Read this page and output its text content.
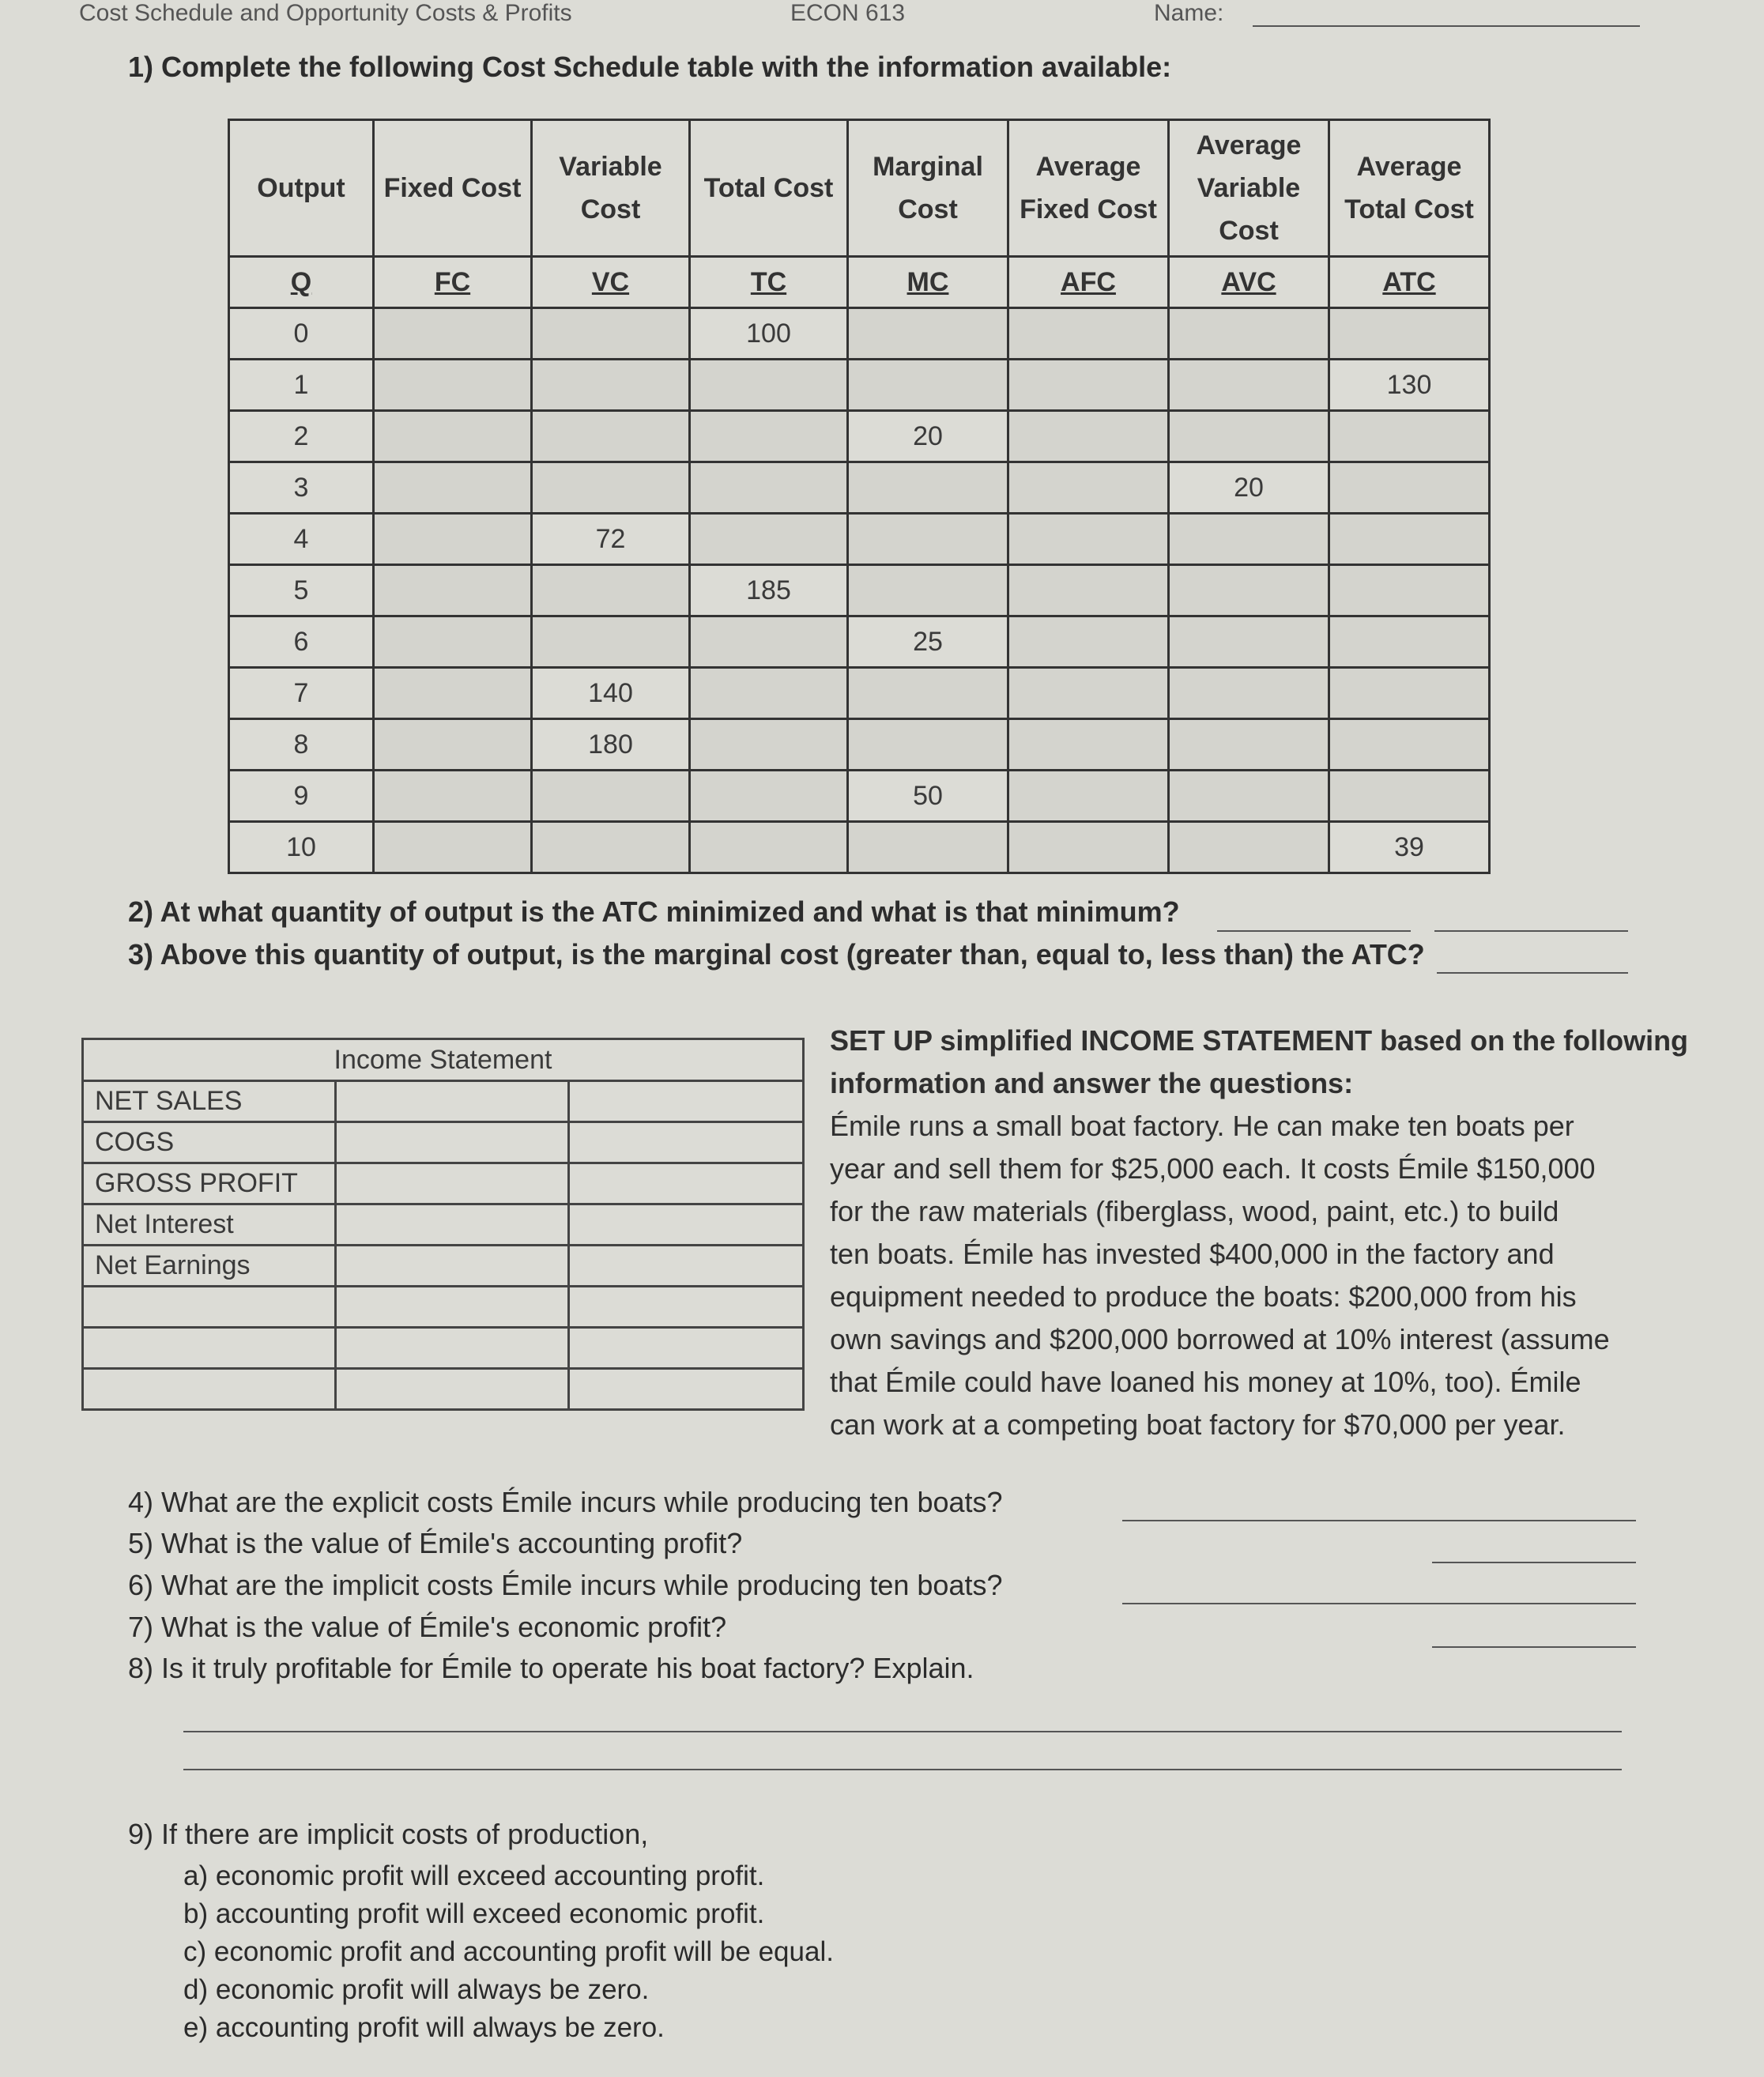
Cost Schedule and Opportunity Costs & Profits	ECON 613	Name:
1) Complete the following Cost Schedule table with the information available:
Output	Fixed Cost	Variable Cost	Total Cost	Marginal Cost	Average Fixed Cost	Average Variable Cost	Average Total Cost
Q	FC	VC	TC	MC	AFC	AVC	ATC
0			100				
1							130
2				20			
3						20	
4		72					
5			185				
6				25			
7		140					
8		180					
9				50			
10							39
2) At what quantity of output is the ATC minimized and what is that minimum?
3) Above this quantity of output, is the marginal cost (greater than, equal to, less than) the ATC?
Income Statement		
NET SALES		
COGS		
GROSS PROFIT		
Net Interest		
Net Earnings		

SET UP simplified INCOME STATEMENT based on the following information and answer the questions:
Émile runs a small boat factory. He can make ten boats per
year and sell them for $25,000 each. It costs Émile $150,000
for the raw materials (fiberglass, wood, paint, etc.) to build
ten boats. Émile has invested $400,000 in the factory and
equipment needed to produce the boats: $200,000 from his
own savings and $200,000 borrowed at 10% interest (assume
that Émile could have loaned his money at 10%, too). Émile
can work at a competing boat factory for $70,000 per year.
4) What are the explicit costs Émile incurs while producing ten boats?
5) What is the value of Émile's accounting profit?
6) What are the implicit costs Émile incurs while producing ten boats?
7) What is the value of Émile's economic profit?
8) Is it truly profitable for Émile to operate his boat factory? Explain.
9) If there are implicit costs of production,
a) economic profit will exceed accounting profit.
b) accounting profit will exceed economic profit.
c) economic profit and accounting profit will be equal.
d) economic profit will always be zero.
e) accounting profit will always be zero.
